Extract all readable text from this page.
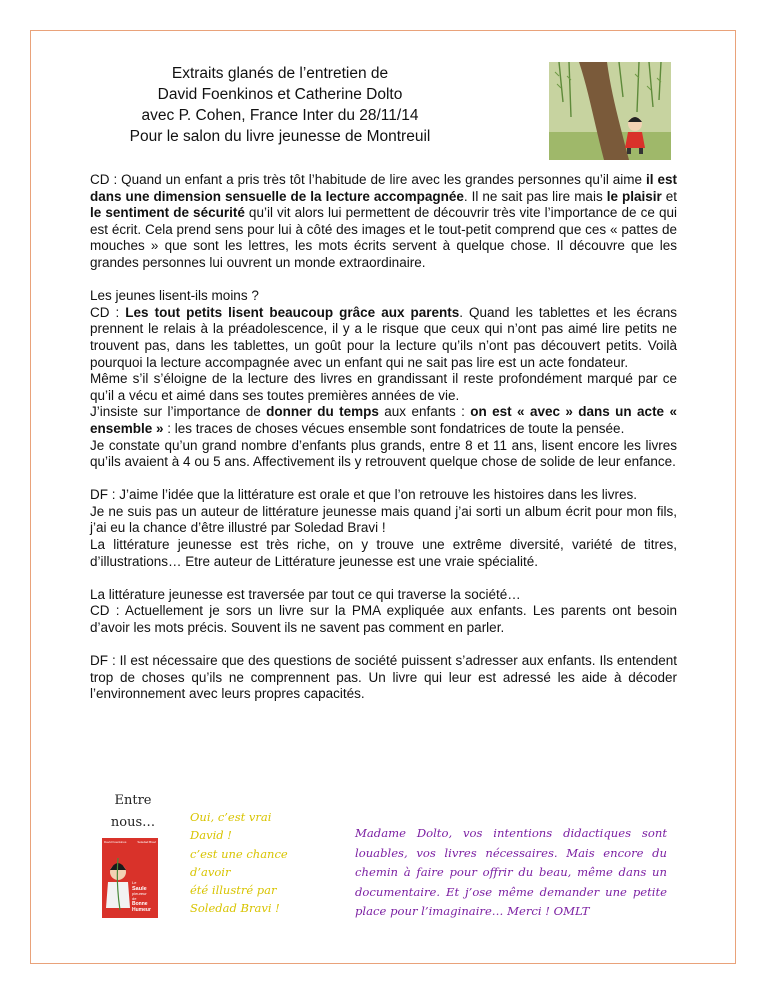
Extraits glanés de l’entretien de
David Foenkinos et Catherine Dolto
avec P. Cohen, France Inter du 28/11/14
Pour le salon du livre jeunesse de Montreuil

CD : Quand un enfant a pris très tôt l’habitude de lire avec les grandes personnes qu’il aime il est dans une dimension sensuelle de la lecture accompagnée. Il ne sait pas lire mais le plaisir et le sentiment de sécurité qu’il vit alors lui permettent de découvrir très vite l’importance de ce qui est écrit. Cela prend sens pour lui à côté des images et le tout-petit comprend que ces « pattes de mouches » que sont les lettres, les mots écrits servent à quelque chose. Il découvre que les grandes personnes lui ouvrent un monde extraordinaire.

Les jeunes lisent-ils moins ?
CD : Les tout petits lisent beaucoup grâce aux parents. Quand les tablettes et les écrans prennent le relais à la préadolescence, il y a le risque que ceux qui n’ont pas aimé lire petits ne trouvent pas, dans les tablettes, un goût pour la lecture qu’ils n’ont pas découvert petits. Voilà pourquoi la lecture accompagnée avec un enfant qui ne sait pas lire est un acte fondateur.
Même s’il s’éloigne de la lecture des livres en grandissant il reste profondément marqué par ce qu’il a vécu et aimé dans ses toutes premières années de vie.
J’insiste sur l’importance de donner du temps aux enfants : on est « avec » dans un acte « ensemble » : les traces de choses vécues ensemble sont fondatrices de toute la pensée.
Je constate qu’un grand nombre d’enfants plus grands, entre 8 et 11 ans, lisent encore les livres qu’ils avaient à 4 ou 5 ans. Affectivement ils y retrouvent quelque chose de solide de leur enfance.

DF : J’aime l’idée que la littérature est orale et que l’on retrouve les histoires dans les livres.
Je ne suis pas un auteur de littérature jeunesse mais quand j’ai sorti un album écrit pour mon fils, j’ai eu la chance d’être illustré par Soledad Bravi !
La littérature jeunesse est très riche, on y trouve une extrême diversité, variété de titres, d’illustrations… Etre auteur de Littérature jeunesse est une vraie spécialité.

La littérature jeunesse est traversée par tout ce qui traverse la société…
CD : Actuellement je sors un livre sur la PMA expliquée aux enfants. Les parents ont besoin d’avoir les mots précis. Souvent ils ne savent pas comment en parler.

DF : Il est nécessaire que des questions de société puissent s’adresser aux enfants. Ils entendent trop de choses qu’ils ne comprennent pas. Un livre qui leur est adressé les aide à décoder l’environnement avec leurs propres capacités.

Entre
nous…
David Foenkinos	Soledad Bravi
Le
Saule
pleureur
de
Bonne
Humeur
Oui, c’est vrai
David !
c’est une chance
d’avoir
été illustré par
Soledad Bravi !
Madame Dolto, vos intentions didactiques sont louables, vos livres nécessaires. Mais encore du chemin à faire pour offrir du beau, même dans un documentaire. Et j’ose même demander une petite place pour l’imaginaire… Merci ! OMLT
